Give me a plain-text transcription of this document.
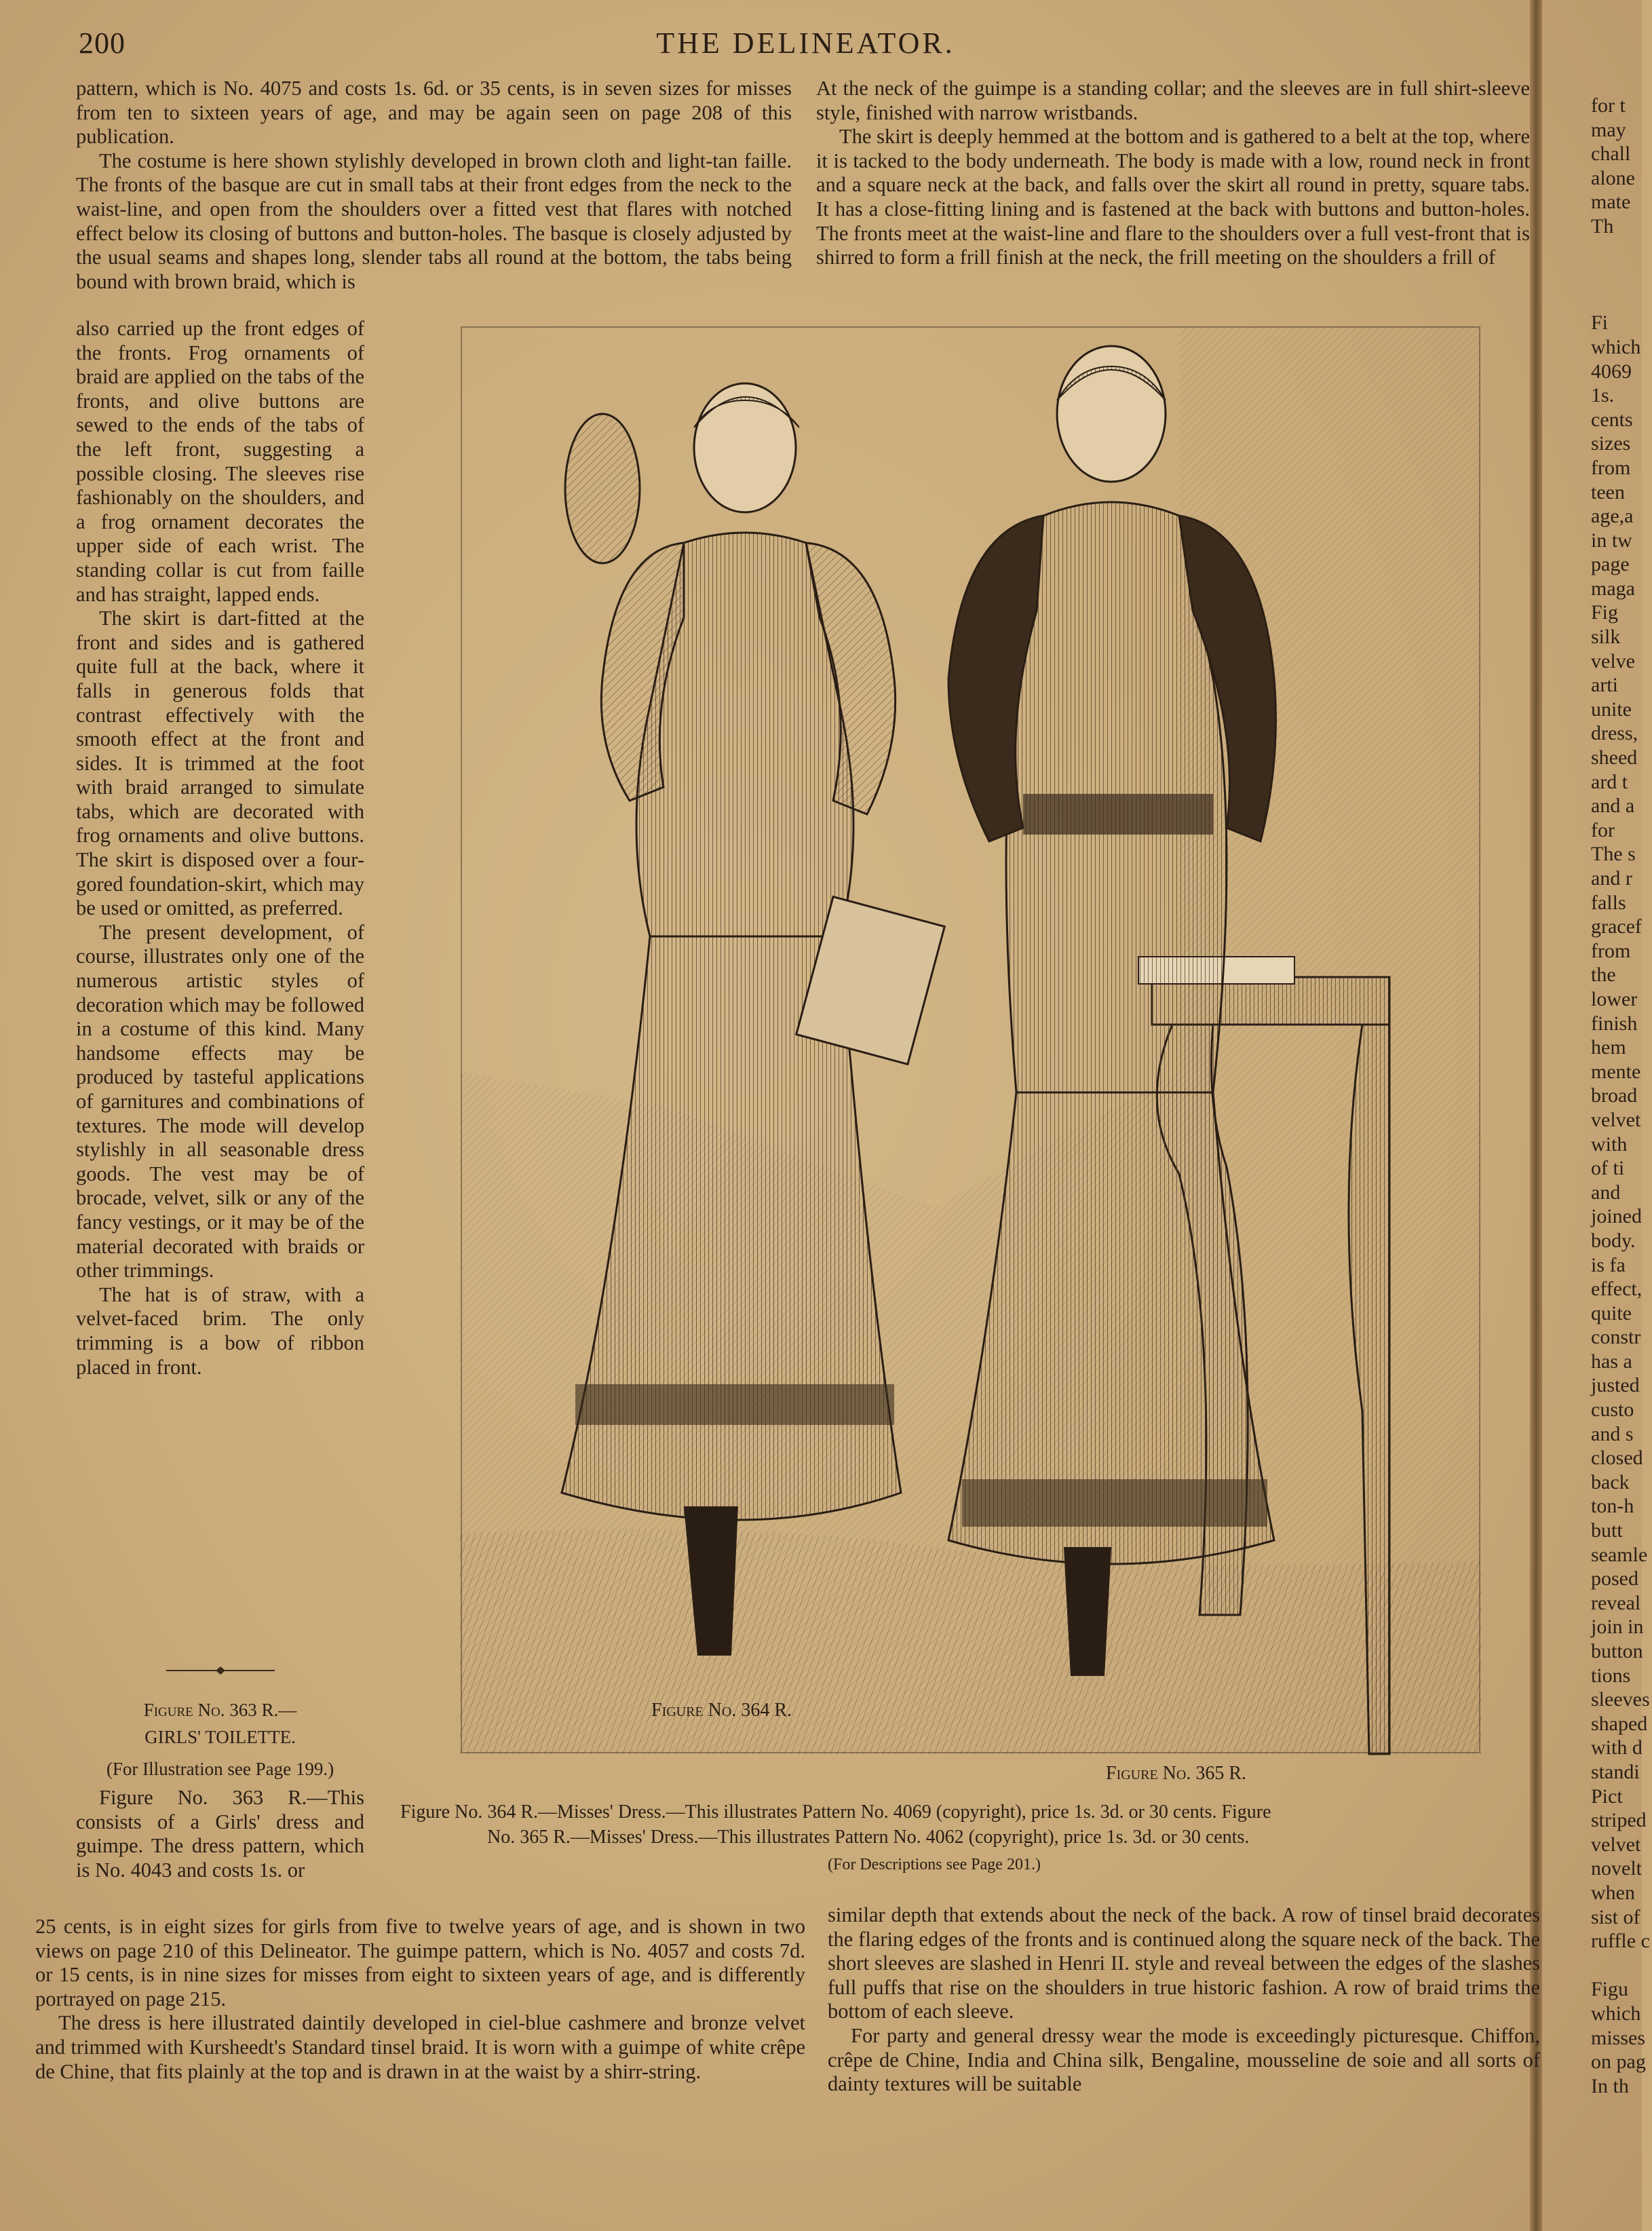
200	THE DELINEATOR.

pattern, which is No. 4075 and costs 1s. 6d. or 35 cents, is in seven sizes for misses from ten to sixteen years of age, and may be again seen on page 208 of this publication.

The costume is here shown stylishly developed in brown cloth and light-tan faille. The fronts of the basque are cut in small tabs at their front edges from the neck to the waist-line, and open from the shoulders over a fitted vest that flares with notched effect below its closing of buttons and button-holes. The basque is closely adjusted by the usual seams and shapes long, slender tabs all round at the bottom, the tabs being bound with brown braid, which is

At the neck of the guimpe is a standing collar; and the sleeves are in full shirt-sleeve style, finished with narrow wristbands.

The skirt is deeply hemmed at the bottom and is gathered to a belt at the top, where it is tacked to the body underneath. The body is made with a low, round neck in front and a square neck at the back, and falls over the skirt all round in pretty, square tabs. It has a close-fitting lining and is fastened at the back with buttons and button-holes. The fronts meet at the waist-line and flare to the shoulders over a full vest-front that is shirred to form a frill finish at the neck, the frill meeting on the shoulders a frill of

also carried up the front edges of the fronts. Frog ornaments of braid are applied on the tabs of the fronts, and olive buttons are sewed to the ends of the tabs of the left front, suggesting a possible closing. The sleeves rise fashionably on the shoulders, and a frog ornament decorates the upper side of each wrist. The standing collar is cut from faille and has straight, lapped ends.

The skirt is dart-fitted at the front and sides and is gathered quite full at the back, where it falls in generous folds that contrast effectively with the smooth effect at the front and sides. It is trimmed at the foot with braid arranged to simulate tabs, which are decorated with frog ornaments and olive buttons. The skirt is disposed over a four-gored foundation-skirt, which may be used or omitted, as preferred.

The present development, of course, illustrates only one of the numerous artistic styles of decoration which may be followed in a costume of this kind. Many handsome effects may be produced by tasteful applications of garnitures and combinations of textures. The mode will develop stylishly in all seasonable dress goods. The vest may be of brocade, velvet, silk or any of the fancy vestings, or it may be of the material decorated with braids or other trimmings.

The hat is of straw, with a velvet-faced brim. The only trimming is a bow of ribbon placed in front.

Figure No. 363 R.—
GIRLS' TOILETTE.
(For Illustration see Page 199.)

Figure No. 363 R.—This consists of a Girls' dress and guimpe. The dress pattern, which is No. 4043 and costs 1s. or

25 cents, is in eight sizes for girls from five to twelve years of age, and is shown in two views on page 210 of this Delineator. The guimpe pattern, which is No. 4057 and costs 7d. or 15 cents, is in nine sizes for misses from eight to sixteen years of age, and is differently portrayed on page 215.

The dress is here illustrated daintily developed in ciel-blue cashmere and bronze velvet and trimmed with Kursheedt's Standard tinsel braid. It is worn with a guimpe of white crêpe de Chine, that fits plainly at the top and is drawn in at the waist by a shirr-string.

similar depth that extends about the neck of the back. A row of tinsel braid decorates the flaring edges of the fronts and is continued along the square neck of the back. The short sleeves are slashed in Henri II. style and reveal between the edges of the slashes full puffs that rise on the shoulders in true historic fashion. A row of braid trims the bottom of each sleeve.

For party and general dressy wear the mode is exceedingly picturesque. Chiffon, crêpe de Chine, India and China silk, Bengaline, mousseline de soie and all sorts of dainty textures will be suitable

Figure No. 364 R.
Figure No. 365 R.
Figure No. 364 R.—Misses' Dress.—This illustrates Pattern No. 4069 (copyright), price 1s. 3d. or 30 cents. Figure
No. 365 R.—Misses' Dress.—This illustrates Pattern No. 4062 (copyright), price 1s. 3d. or 30 cents.
(For Descriptions see Page 201.)

for t

may

chall

alone

mate

Th

Fi

which

4069

1s.

cents

sizes

from

teen

age,a

in tw

page

maga

Fig

silk

velve

arti

unite

dress,

sheed

ard t

and a

for

The s

and r

falls

gracef

from

the

lower

finish

hem

mente

broad

velvet

with

of ti

and

joined

body.

is fa

effect,

quite

constr

has a

justed

custo

and s

closed

back

ton-h

butt

seamle

posed

reveal

join in

button

tions

sleeves

shaped

with d

standi

Pict

striped

velvet

novelt

when

sist of

ruffle c

Figu

which

misses

on pag

In th
